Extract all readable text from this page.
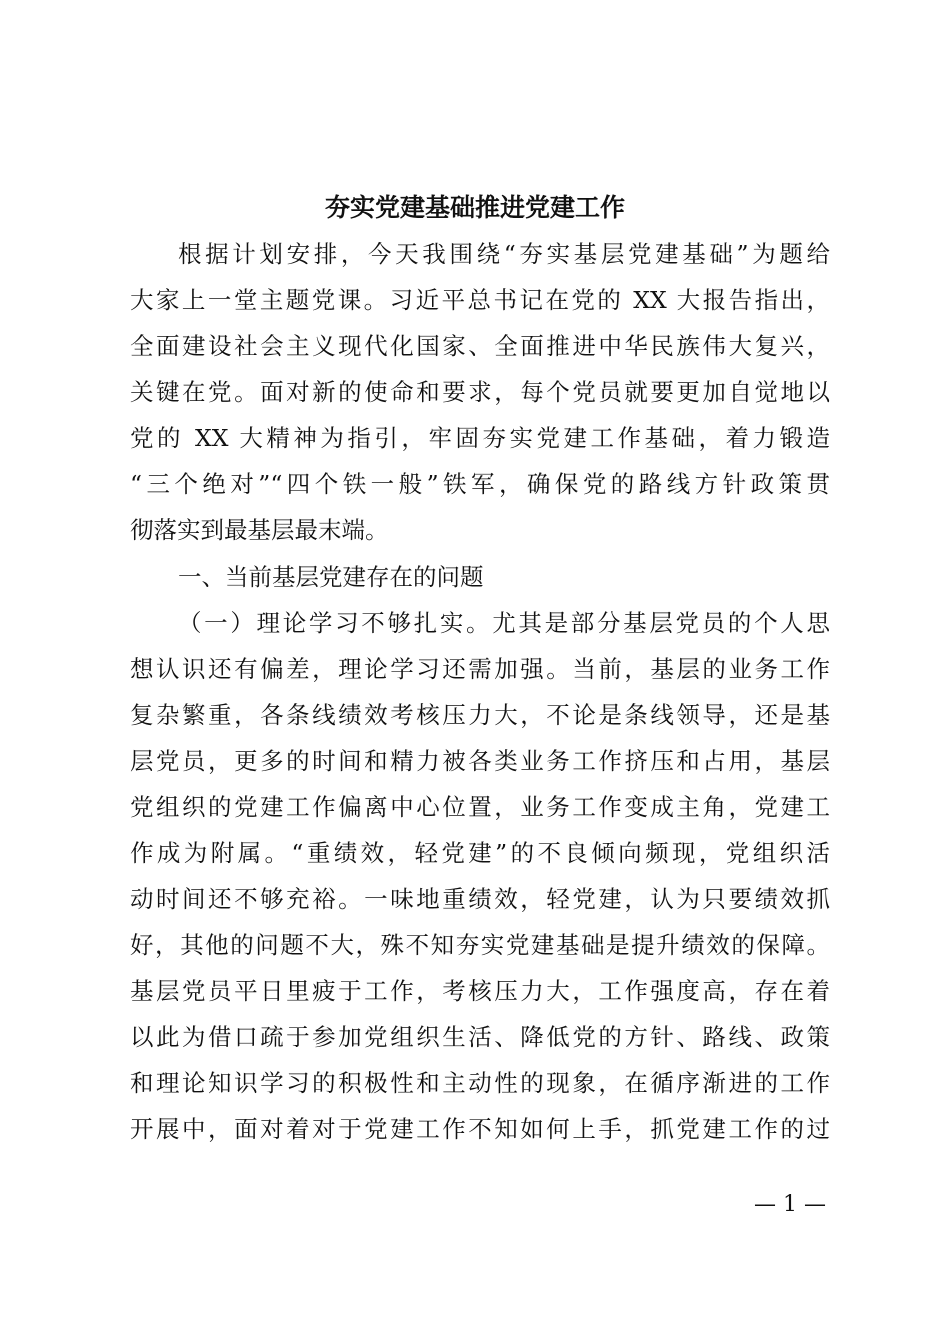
夯实党建基础推进党建工作

根据计划安排，今天我围绕“夯实基层党建基础”为题给

大家上一堂主题党课。习近平总书记在党的 XX 大报告指出，

全面建设社会主义现代化国家、全面推进中华民族伟大复兴，

关键在党。面对新的使命和要求，每个党员就要更加自觉地以

党的 XX 大精神为指引，牢固夯实党建工作基础，着力锻造

“三个绝对”“四个铁一般”铁军，确保党的路线方针政策贯

彻落实到最基层最末端。

一、当前基层党建存在的问题

（一）理论学习不够扎实。尤其是部分基层党员的个人思

想认识还有偏差，理论学习还需加强。当前，基层的业务工作

复杂繁重，各条线绩效考核压力大，不论是条线领导，还是基

层党员，更多的时间和精力被各类业务工作挤压和占用，基层

党组织的党建工作偏离中心位置，业务工作变成主角，党建工

作成为附属。“重绩效，轻党建”的不良倾向频现，党组织活

动时间还不够充裕。一味地重绩效，轻党建，认为只要绩效抓

好，其他的问题不大，殊不知夯实党建基础是提升绩效的保障。

基层党员平日里疲于工作，考核压力大，工作强度高，存在着

以此为借口疏于参加党组织生活、降低党的方针、路线、政策

和理论知识学习的积极性和主动性的现象，在循序渐进的工作

开展中，面对着对于党建工作不知如何上手，抓党建工作的过

— 1 —
